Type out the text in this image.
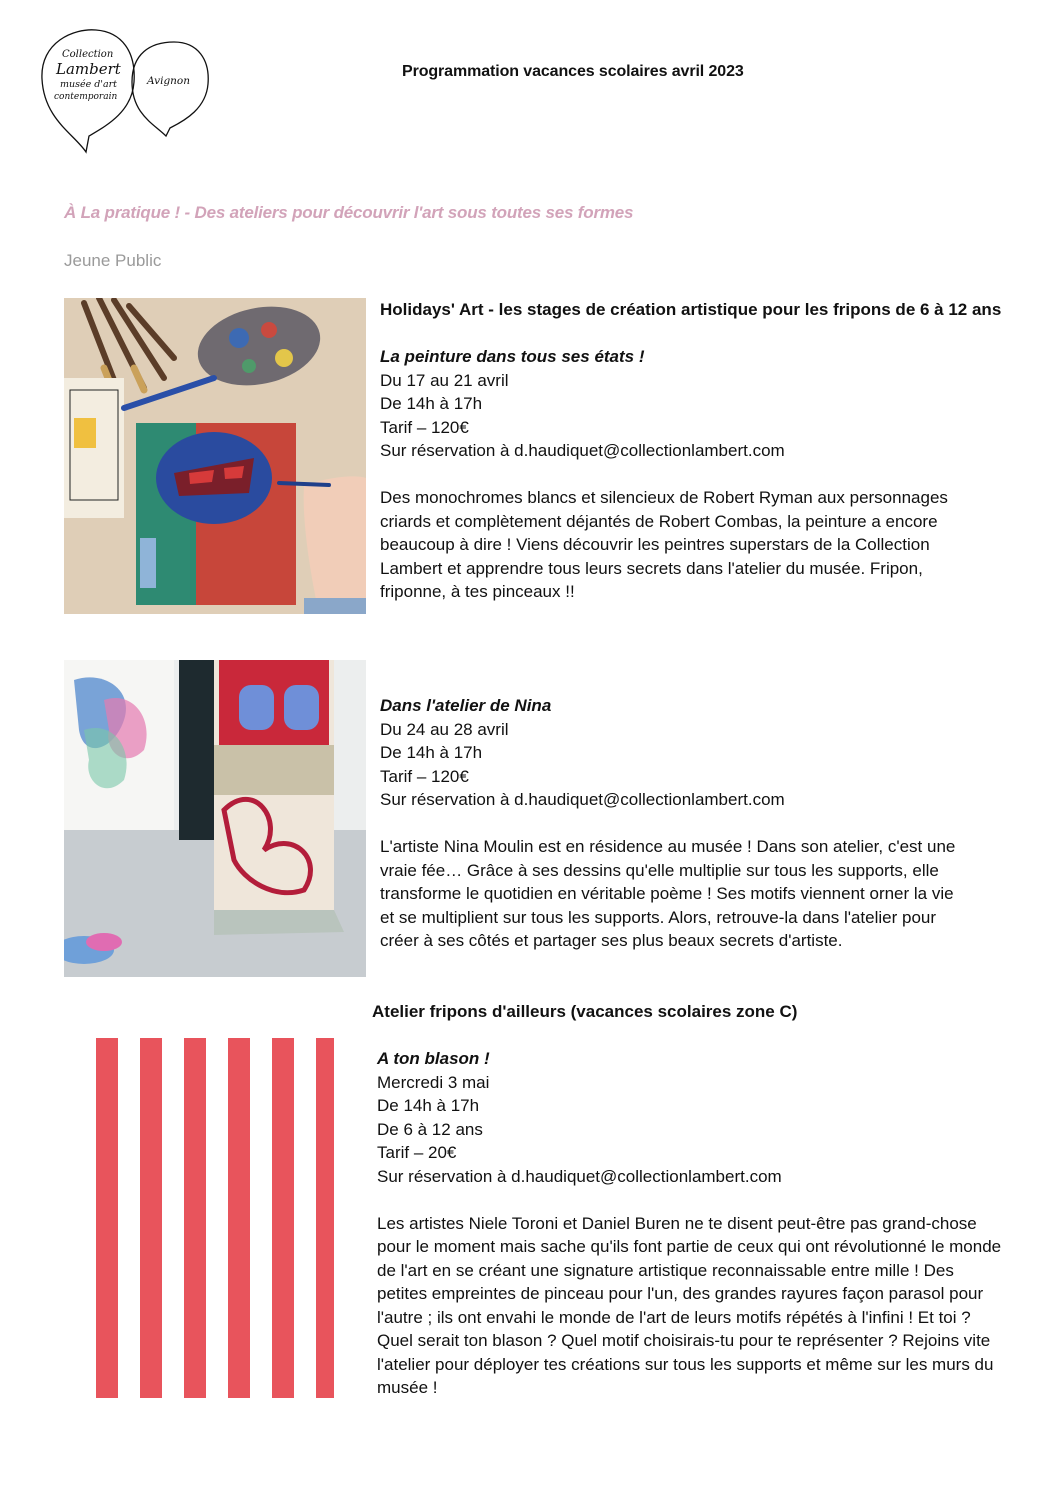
Collection
Lambert
musée d'art
contemporain
Avignon
Programmation vacances scolaires avril 2023
À La pratique ! - Des ateliers pour découvrir l'art sous toutes ses formes
Jeune Public

Holidays' Art - les stages de création artistique pour les fripons de 6 à 12 ans

La peinture dans tous ses états !

Du 17 au 21 avril

De 14h à 17h

Tarif – 120€

Sur réservation à d.haudiquet@collectionlambert.com

Des monochromes blancs et silencieux de Robert Ryman aux personnages criards et complètement déjantés de Robert Combas, la peinture a encore beaucoup à dire ! Viens découvrir les peintres superstars de la Collection Lambert et apprendre tous leurs secrets dans l'atelier du musée. Fripon, friponne, à tes pinceaux !!

Dans l'atelier de Nina

Du 24 au 28 avril

De 14h à 17h

Tarif – 120€

Sur réservation à d.haudiquet@collectionlambert.com

L'artiste Nina Moulin est en résidence au musée ! Dans son atelier, c'est une vraie fée… Grâce à ses dessins qu'elle multiplie sur tous les supports, elle transforme le quotidien en véritable poème ! Ses motifs viennent orner la vie et se multiplient sur tous les supports. Alors, retrouve-la dans l'atelier pour créer à ses côtés et partager ses plus beaux secrets d'artiste.

Atelier fripons d'ailleurs (vacances scolaires zone C)

A ton blason !

Mercredi 3 mai

De 14h à 17h

De 6 à 12 ans

Tarif – 20€

Sur réservation à d.haudiquet@collectionlambert.com

Les artistes Niele Toroni et Daniel Buren ne te disent peut-être pas grand-chose pour le moment mais sache qu'ils font partie de ceux qui ont révolutionné le monde de l'art en se créant une signature artistique reconnaissable entre mille ! Des petites empreintes de pinceau pour l'un, des grandes rayures façon parasol pour l'autre ; ils ont envahi le monde de l'art de leurs motifs répétés à l'infini ! Et toi ? Quel serait ton blason ? Quel motif choisirais-tu pour te représenter ? Rejoins vite l'atelier pour déployer tes créations sur tous les supports et même sur les murs du musée !
